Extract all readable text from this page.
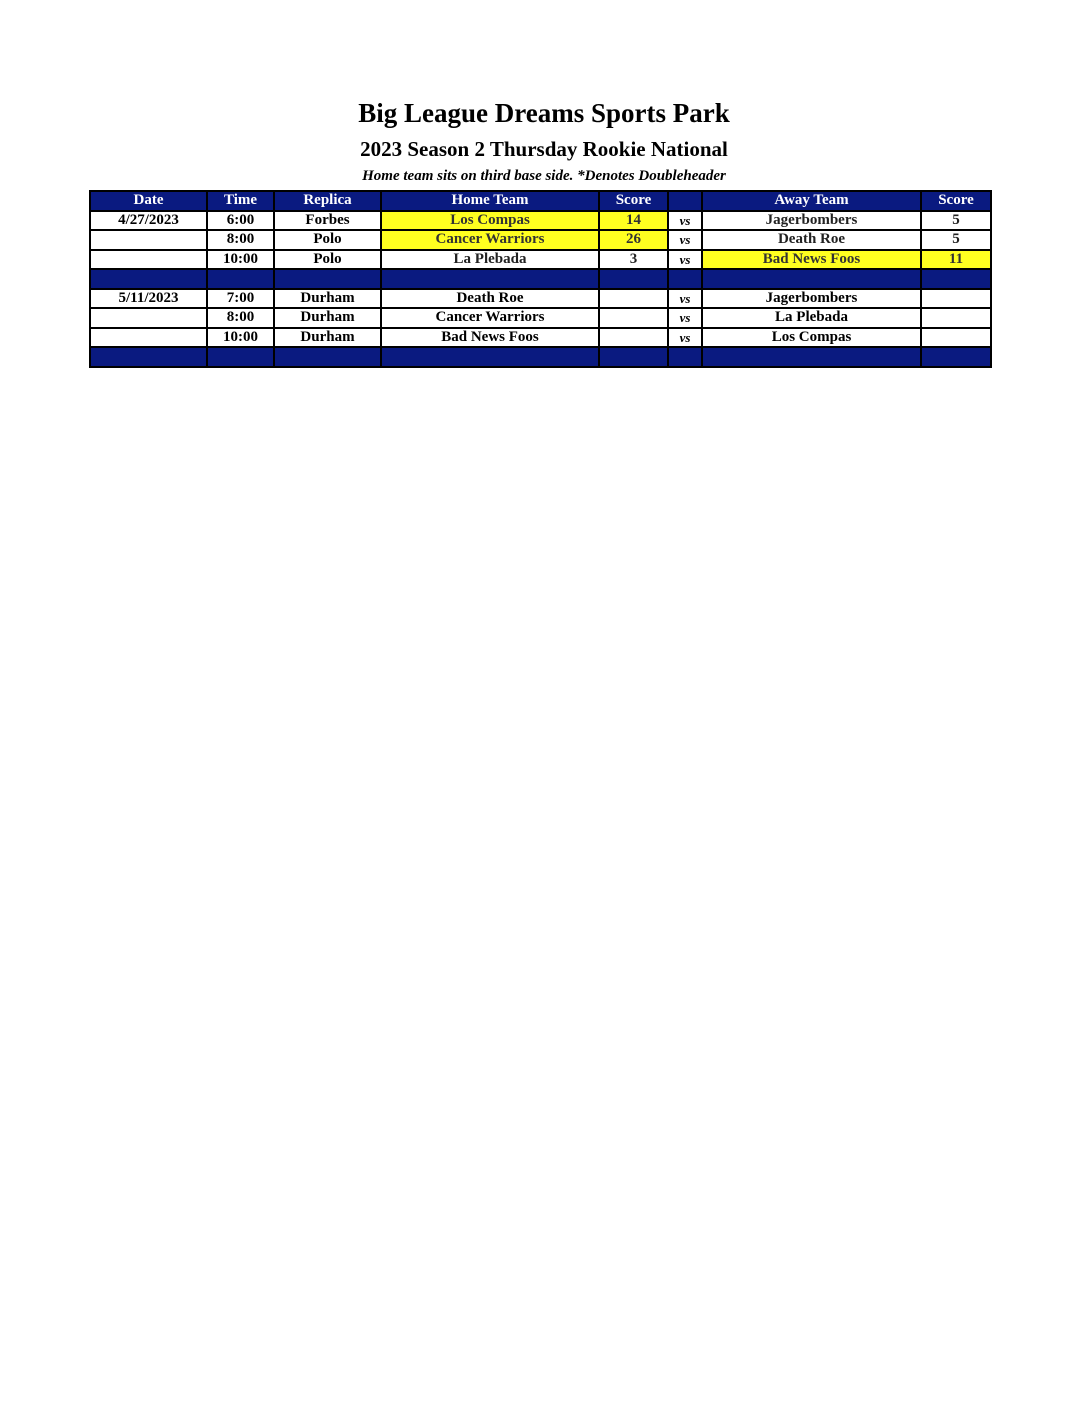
Big League Dreams Sports Park
2023 Season 2 Thursday Rookie National
Home team sits on third base side. *Denotes Doubleheader
Date	Time	Replica	Home Team	Score		Away Team	Score
4/27/2023	6:00	Forbes	Los Compas	14	vs	Jagerbombers	5
	8:00	Polo	Cancer Warriors	26	vs	Death Roe	5
	10:00	Polo	La Plebada	3	vs	Bad News Foos	11

5/11/2023	7:00	Durham	Death Roe		vs	Jagerbombers	
	8:00	Durham	Cancer Warriors		vs	La Plebada	
	10:00	Durham	Bad News Foos		vs	Los Compas	
